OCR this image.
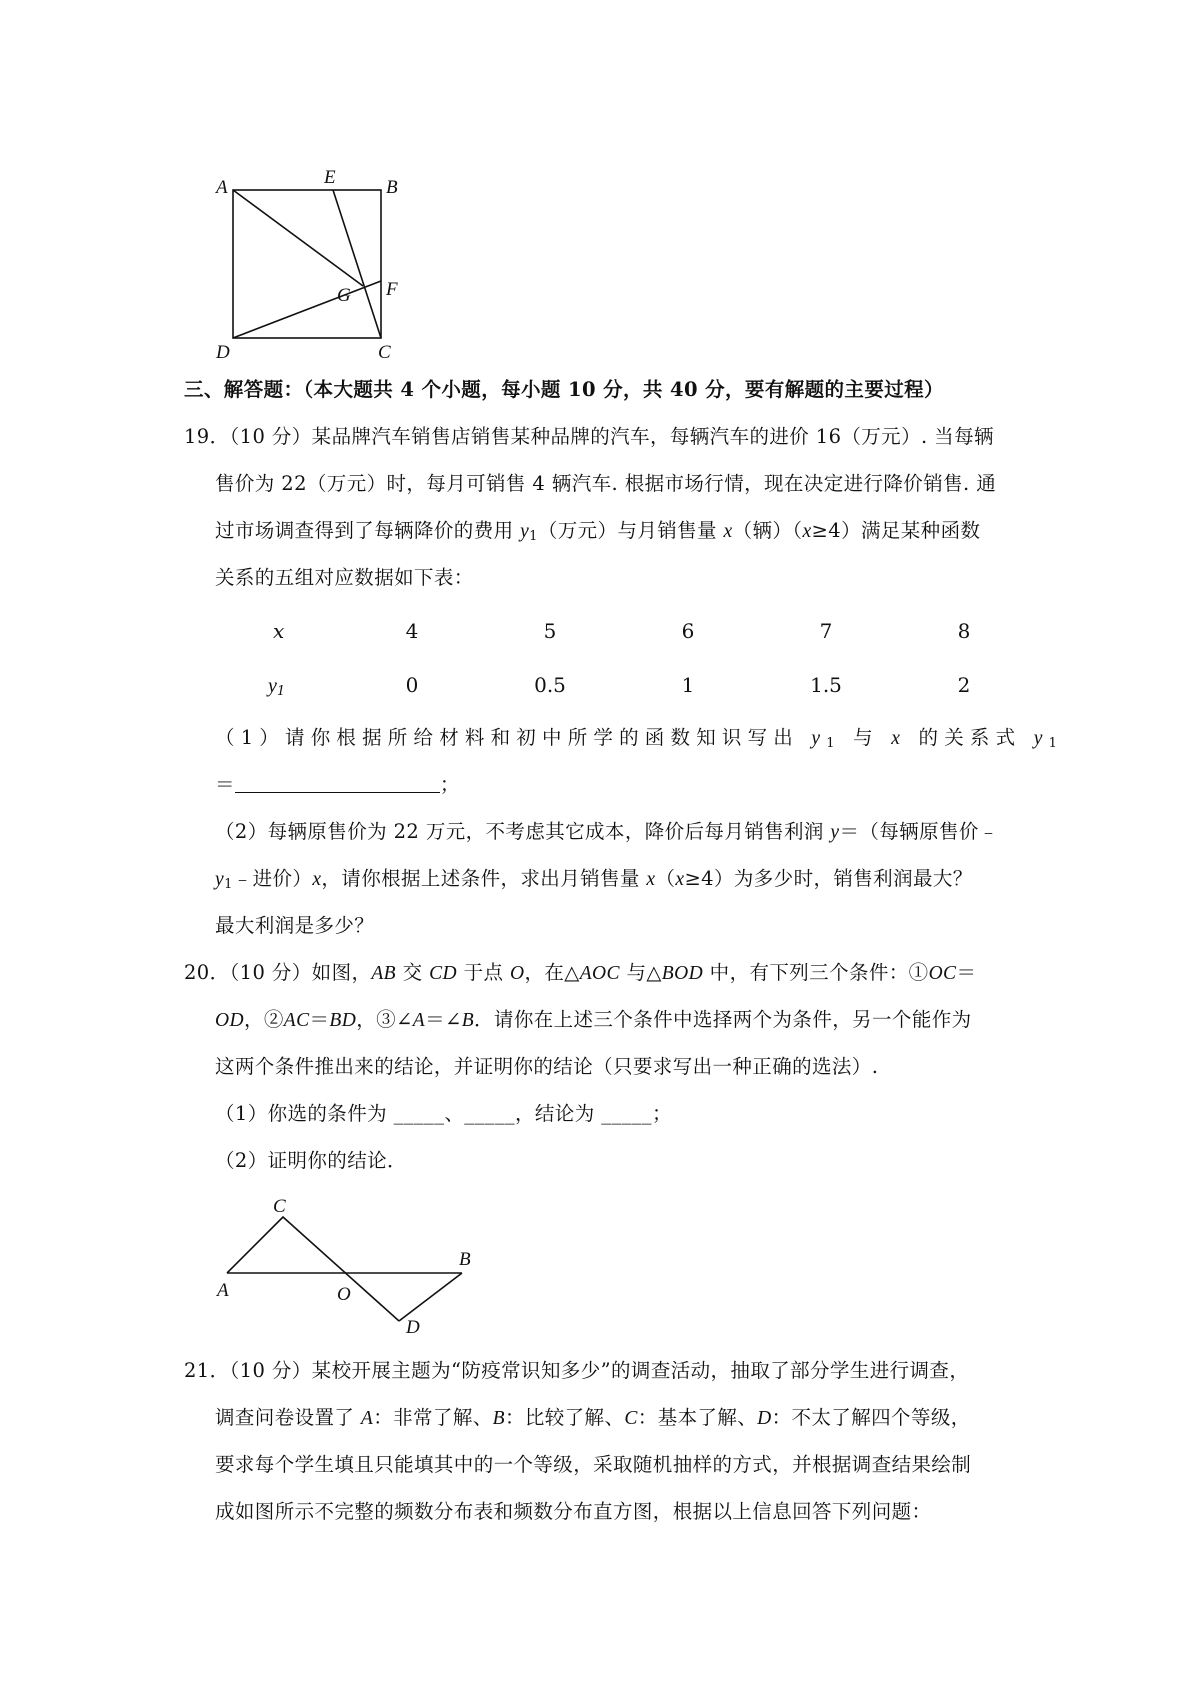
A	E	B
G F
D	C
三、解答题：（本大题共 4 个小题，每小题 10 分，共 40 分，要有解题的主要过程）
19．（10 分）某品牌汽车销售店销售某种品牌的汽车，每辆汽车的进价 16（万元）. 当每辆
售价为 22（万元）时，每月可销售 4 辆汽车. 根据市场行情，现在决定进行降价销售. 通
过市场调查得到了每辆降价的费用 $y_1$（万元）与月销售量 x（辆）（x≥4）满足某种函数
关系的五组对应数据如下表：
x	4	5	6	7	8
$y_1$	0	0.5	1	1.5	2
（1）请你根据所给材料和初中所学的函数知识写出 $y_1$ 与 x 的关系式 $y_1$
＝	；
（2）每辆原售价为 22 万元，不考虑其它成本，降价后每月销售利润 y＝（每辆原售价﹣
$y_1﹣$进价）x，请你根据上述条件，求出月销售量 x（x≥4）为多少时，销售利润最大？
最大利润是多少？
20．（10 分）如图，AB 交 CD 于点 O，在△AOC 与△BOD 中，有下列三个条件：①OC＝
OD，②AC＝BD，③∠A＝∠B．请你在上述三个条件中选择两个为条件，另一个能作为
这两个条件推出来的结论，并证明你的结论（只要求写出一种正确的选法）.
（1）你选的条件为 _____、_____，结论为 _____；
（2）证明你的结论．
C
B
A	O
D
21．（10 分）某校开展主题为“防疫常识知多少”的调查活动，抽取了部分学生进行调查，
调查问卷设置了 A：非常了解、B：比较了解、C：基本了解、D：不太了解四个等级，
要求每个学生填且只能填其中的一个等级，采取随机抽样的方式，并根据调查结果绘制
成如图所示不完整的频数分布表和频数分布直方图，根据以上信息回答下列问题：
